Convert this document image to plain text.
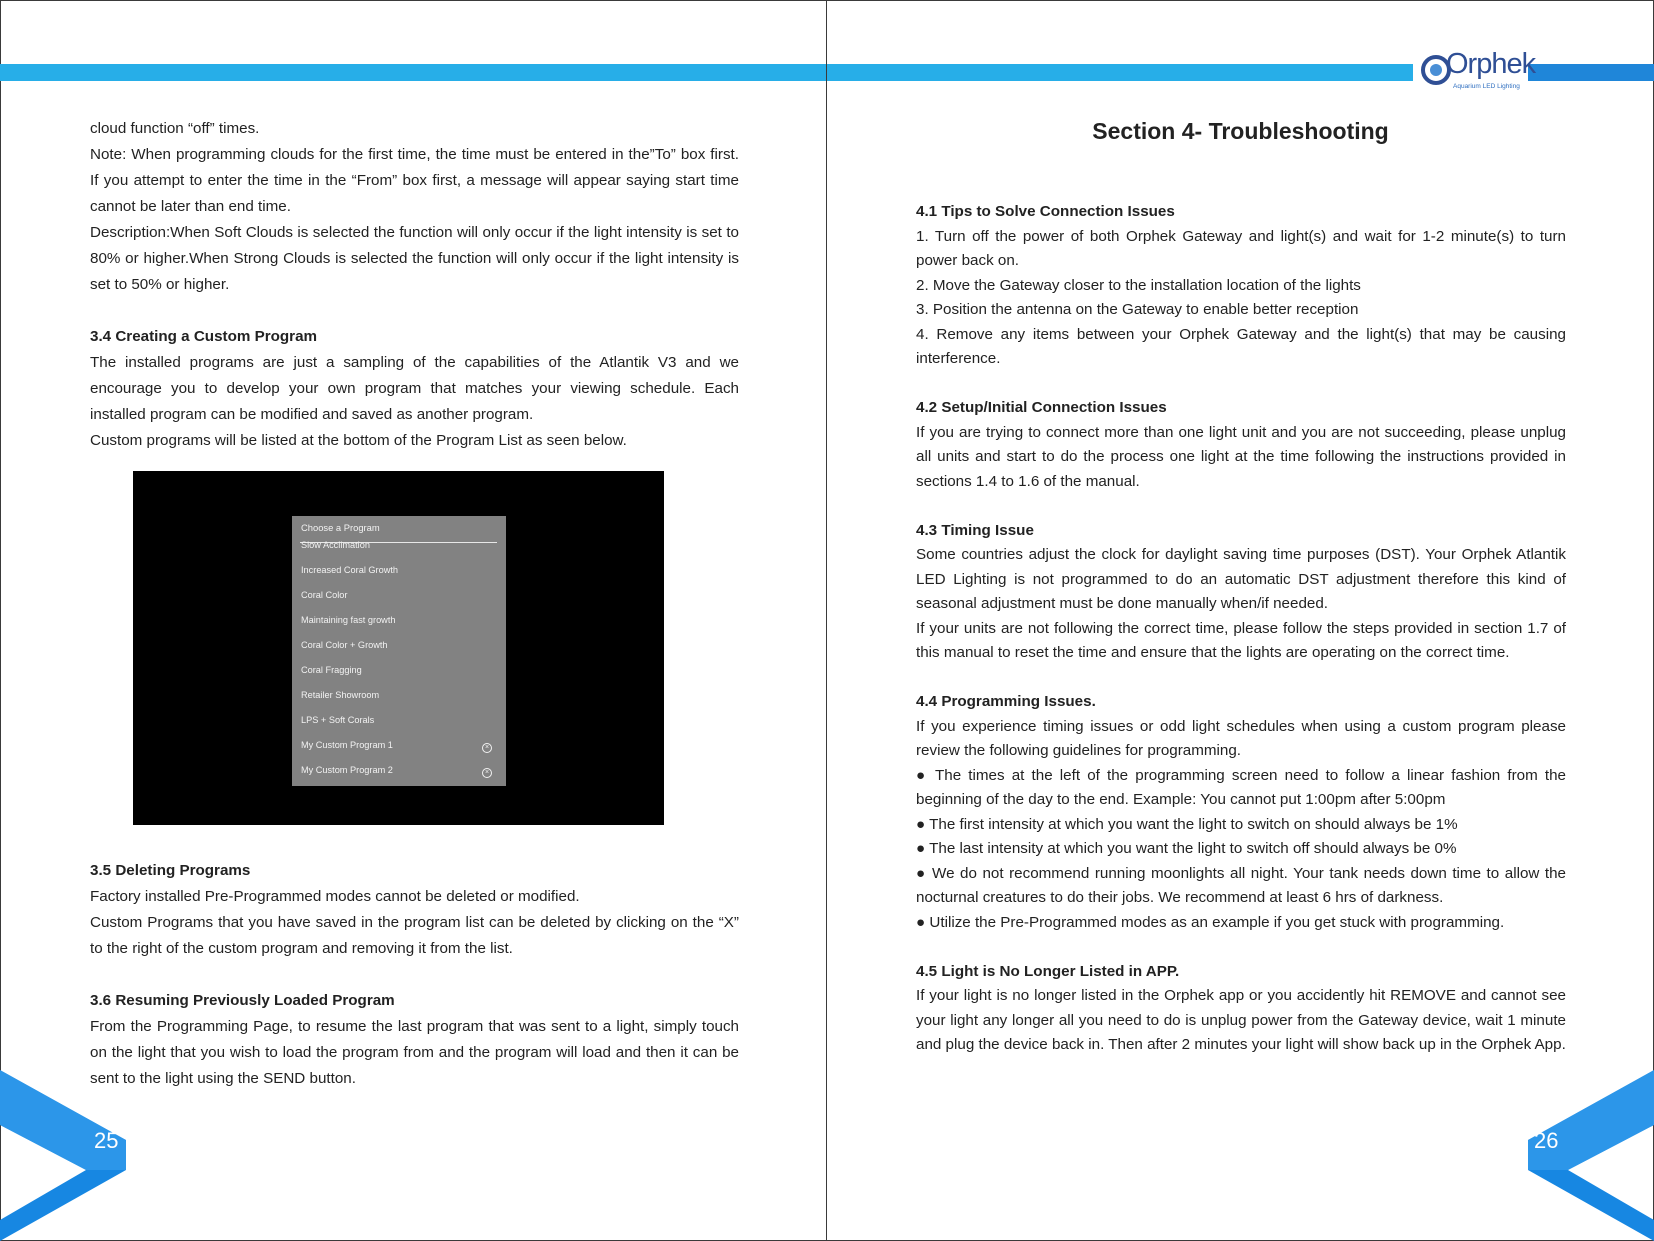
Orphek
Aquarium LED Lighting

cloud function “off” times.

Note: When programming clouds for the first time, the time must be entered in the”To” box first. If you attempt to enter the time in the “From” box first, a message will appear saying start time cannot be later than end time.

Description:When Soft Clouds is selected the function will only occur if the light intensity is set to 80% or higher.When Strong Clouds is selected the function will only occur if the light intensity is set to 50% or higher.

3.4 Creating a Custom Program

The installed programs are just a sampling of the capabilities of the Atlantik V3 and we encourage you to develop your own program that matches your viewing schedule. Each installed program can be modified and saved as another program.

Custom programs will be listed at the bottom of the Program List as seen below.

Choose a Program
Slow Acclimation
Increased Coral Growth
Coral Color
Maintaining fast growth
Coral Color + Growth
Coral Fragging
Retailer Showroom
LPS + Soft Corals
My Custom Program 1	×
My Custom Program 2	×

3.5 Deleting Programs

Factory installed Pre-Programmed modes cannot be deleted or modified.

Custom Programs that you have saved in the program list can be deleted by clicking on the “X” to the right of the custom program and removing it from the list.

3.6 Resuming Previously Loaded Program

From the Programming Page, to resume the last program that was sent to a light, simply touch on the light that you wish to load the program from and the program will load and then it can be sent to the light using the SEND button.

Section 4- Troubleshooting

4.1 Tips to Solve Connection Issues

1. Turn off the power of both Orphek Gateway and light(s) and wait for 1-2 minute(s) to turn power back on.

2. Move the Gateway closer to the installation location of the lights

3. Position the antenna on the Gateway to enable better reception

4. Remove any items between your Orphek Gateway and the light(s) that may be causing interference.

4.2 Setup/Initial Connection Issues

If you are trying to connect more than one light unit and you are not succeeding, please unplug all units and start to do the process one light at the time following the instructions provided in sections 1.4 to 1.6 of the manual.

4.3 Timing Issue

Some countries adjust the clock for daylight saving time purposes (DST). Your Orphek Atlantik LED Lighting is not programmed to do an automatic DST adjustment therefore this kind of seasonal adjustment must be done manually when/if needed.

If your units are not following the correct time, please follow the steps provided in section 1.7 of this manual to reset the time and ensure that the lights are operating on the correct time.

4.4 Programming Issues.

If you experience timing issues or odd light schedules when using a custom program please review the following guidelines for programming.

● The times at the left of the programming screen need to follow a linear fashion from the beginning of the day to the end. Example: You cannot put 1:00pm after 5:00pm

● The first intensity at which you want the light to switch on should always be 1%

● The last intensity at which you want the light to switch off should always be 0%

● We do not recommend running moonlights all night. Your tank needs down time to allow the nocturnal creatures to do their jobs. We recommend at least 6 hrs of darkness.

● Utilize the Pre-Programmed modes as an example if you get stuck with programming.

4.5 Light is No Longer Listed in APP.

If your light is no longer listed in the Orphek app or you accidently hit REMOVE and cannot see your light any longer all you need to do is unplug power from the Gateway device, wait 1 minute and plug the device back in. Then after 2 minutes your light will show back up in the Orphek App.

25	26
